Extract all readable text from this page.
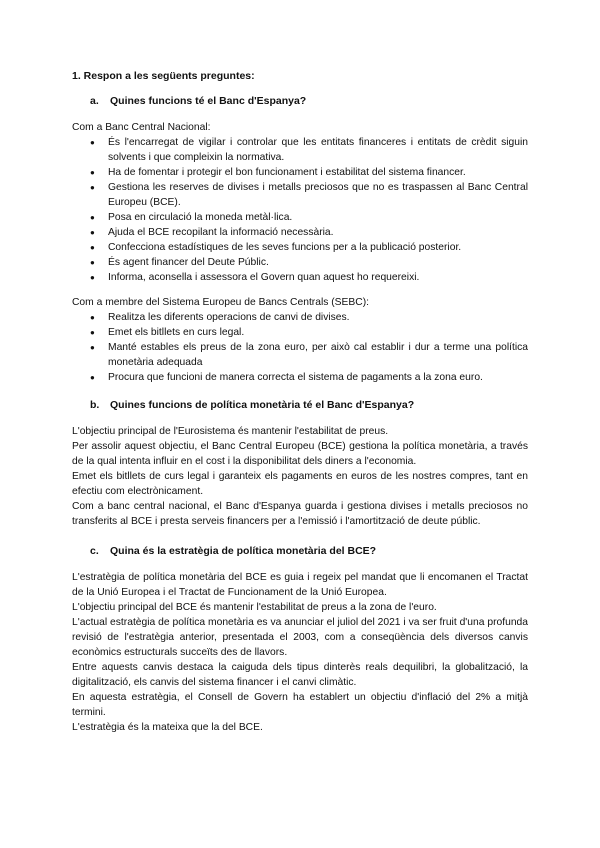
1. Respon a les següents preguntes:
a. Quines funcions té el Banc d'Espanya?

Com a Banc Central Nacional:

● És l'encarregat de vigilar i controlar que les entitats financeres i entitats de crèdit siguin solvents i que compleixin la normativa.
● Ha de fomentar i protegir el bon funcionament i estabilitat del sistema financer.
● Gestiona les reserves de divises i metalls preciosos que no es traspassen al Banc Central Europeu (BCE).
● Posa en circulació la moneda metàl·lica.
● Ajuda el BCE recopilant la informació necessària.
● Confecciona estadístiques de les seves funcions per a la publicació posterior.
● És agent financer del Deute Públic.
● Informa, aconsella i assessora el Govern quan aquest ho requereixi.

Com a membre del Sistema Europeu de Bancs Centrals (SEBC):

● Realitza les diferents operacions de canvi de divises.
● Emet els bitllets en curs legal.
● Manté estables els preus de la zona euro, per això cal establir i dur a terme una política monetària adequada
● Procura que funcioni de manera correcta el sistema de pagaments a la zona euro.
b. Quines funcions de política monetària té el Banc d'Espanya?

L'objectiu principal de l'Eurosistema és mantenir l'estabilitat de preus.

Per assolir aquest objectiu, el Banc Central Europeu (BCE) gestiona la política monetària, a través de la qual intenta influir en el cost i la disponibilitat dels diners a l'economia.

Emet els bitllets de curs legal i garanteix els pagaments en euros de les nostres compres, tant en efectiu com electrònicament.

Com a banc central nacional, el Banc d'Espanya guarda i gestiona divises i metalls preciosos no transferits al BCE i presta serveis financers per a l'emissió i l'amortització de deute públic.

c. Quina és la estratègia de política monetària del BCE?

L'estratègia de política monetària del BCE es guia i regeix pel mandat que li encomanen el Tractat de la Unió Europea i el Tractat de Funcionament de la Unió Europea.

L'objectiu principal del BCE és mantenir l'estabilitat de preus a la zona de l'euro.

L'actual estratègia de política monetària es va anunciar el juliol del 2021 i va ser fruit d'una profunda revisió de l'estratègia anterior, presentada el 2003, com a conseqüència dels diversos canvis econòmics estructurals succeïts des de llavors.

Entre aquests canvis destaca la caiguda dels tipus dinterès reals dequilibri, la globalització, la digitalització, els canvis del sistema financer i el canvi climàtic.

En aquesta estratègia, el Consell de Govern ha establert un objectiu d'inflació del 2% a mitjà termini.

L'estratègia és la mateixa que la del BCE.
